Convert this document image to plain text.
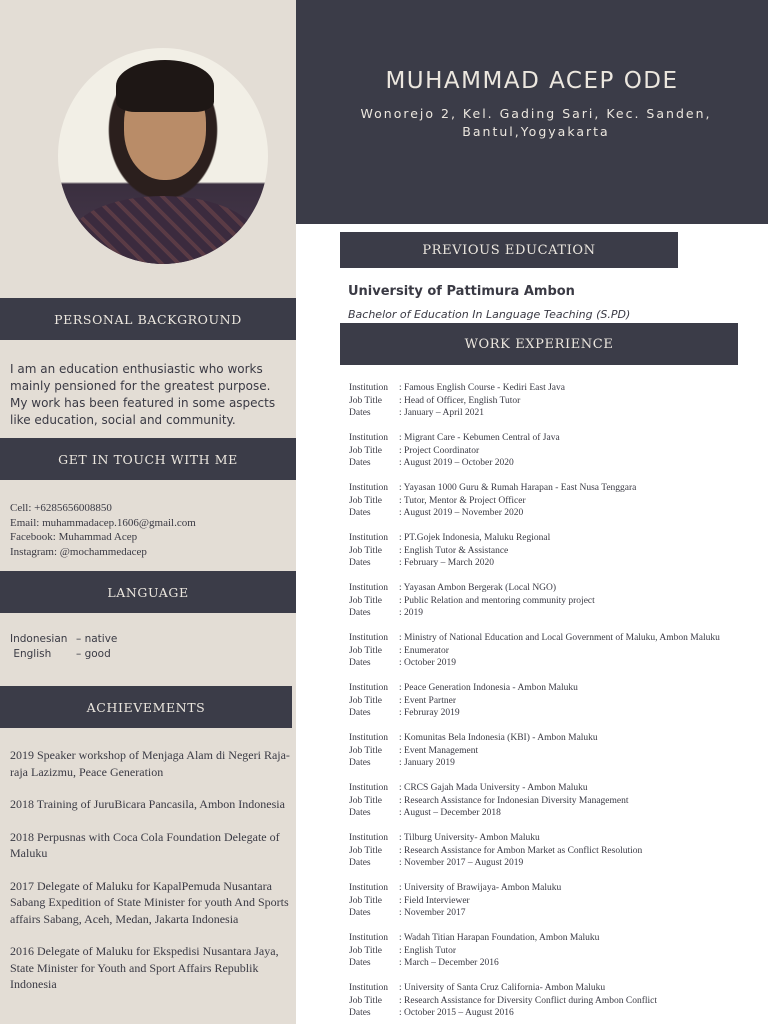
MUHAMMAD ACEP ODE
Wonorejo 2, Kel. Gading Sari, Kec. Sanden, Bantul,Yogyakarta
PERSONAL BACKGROUND
I am an education enthusiastic who works mainly pensioned for the greatest purpose. My work has been featured in some aspects like education, social and community.
GET IN TOUCH WITH ME
Cell: +6285656008850
Email: muhammadacep.1606@gmail.com
Facebook: Muhammad Acep
Instagram: @mochammedacep
LANGUAGE
Indonesian – native
English	– good
ACHIEVEMENTS
2019 Speaker workshop of Menjaga Alam di Negeri Raja-raja Lazizmu, Peace Generation
2018 Training of JuruBicara Pancasila, Ambon Indonesia
2018 Perpusnas with Coca Cola Foundation Delegate of Maluku
2017 Delegate of Maluku for KapalPemuda Nusantara Sabang Expedition of State Minister for youth And Sports affairs Sabang, Aceh, Medan, Jakarta Indonesia
2016 Delegate of Maluku for Ekspedisi Nusantara Jaya, State Minister for Youth and Sport Affairs Republik Indonesia
PREVIOUS EDUCATION
University of Pattimura Ambon
Bachelor of Education In Language Teaching (S.PD)
WORK EXPERIENCE
Institution	: Famous English Course - Kediri East Java
Job Title	: Head of Officer, English Tutor
Dates	: January – April 2021
Institution	: Migrant Care - Kebumen Central of Java
Job Title	: Project Coordinator
Dates	: August 2019 – October 2020
Institution	: Yayasan 1000 Guru & Rumah Harapan - East Nusa Tenggara
Job Title	: Tutor, Mentor & Project Officer
Dates	: August 2019 – November 2020
Institution	: PT.Gojek Indonesia, Maluku Regional
Job Title	: English Tutor & Assistance
Dates	: February – March 2020
Institution	: Yayasan Ambon Bergerak (Local NGO)
Job Title	: Public Relation and mentoring community project
Dates	: 2019
Institution	: Ministry of National Education and Local Government of Maluku, Ambon Maluku
Job Title	: Enumerator
Dates	: October 2019
Institution	: Peace Generation Indonesia - Ambon Maluku
Job Title	: Event Partner
Dates	: Februray 2019
Institution	: Komunitas Bela Indonesia (KBI) - Ambon Maluku
Job Title	: Event Management
Dates	: January 2019
Institution	: CRCS Gajah Mada University - Ambon Maluku
Job Title	: Research Assistance for Indonesian Diversity Management
Dates	: August – December 2018
Institution	: Tilburg University- Ambon Maluku
Job Title	: Research Assistance for Ambon Market as Conflict Resolution
Dates	: November 2017 – August 2019
Institution	: University of Brawijaya- Ambon Maluku
Job Title	: Field Interviewer
Dates	: November 2017
Institution	: Wadah Titian Harapan Foundation, Ambon Maluku
Job Title	: English Tutor
Dates	: March – December 2016
Institution	: University of Santa Cruz California- Ambon Maluku
Job Title	: Research Assistance for Diversity Conflict during Ambon Conflict
Dates	: October 2015 – August 2016
